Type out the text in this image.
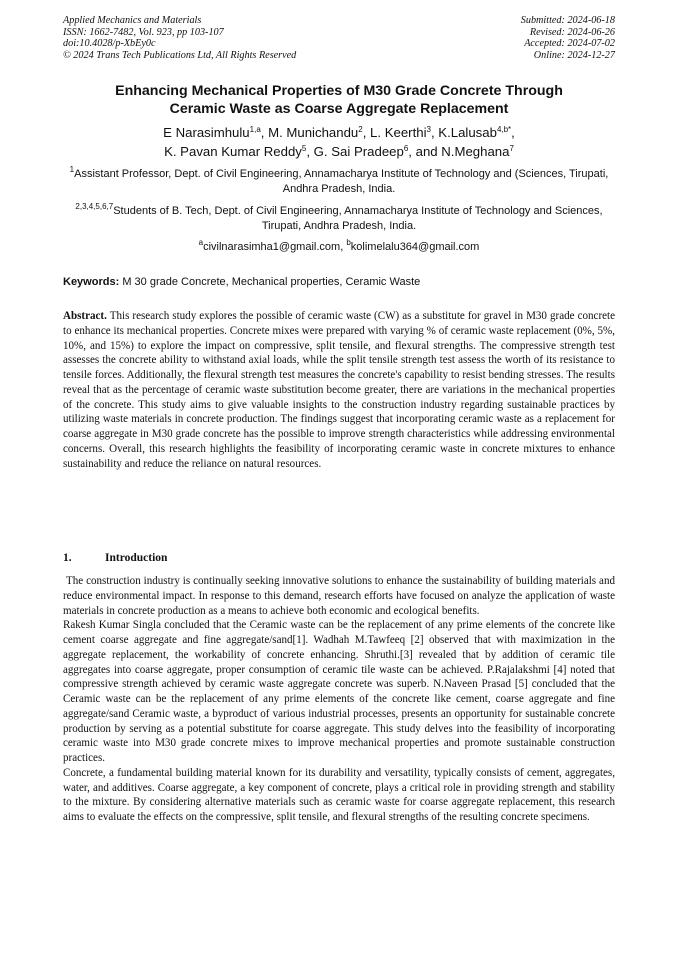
Applied Mechanics and Materials
ISSN: 1662-7482, Vol. 923, pp 103-107
doi:10.4028/p-XbEy0c
© 2024 Trans Tech Publications Ltd, All Rights Reserved
Submitted: 2024-06-18
Revised: 2024-06-26
Accepted: 2024-07-02
Online: 2024-12-27
Enhancing Mechanical Properties of M30 Grade Concrete Through
Ceramic Waste as Coarse Aggregate Replacement
E Narasimhulu$^{1,a}$, M. Munichandu$^2$, L. Keerthi$^3$, K.Lalusab$^{4,b*}$,
K. Pavan Kumar Reddy$^5$, G. Sai Pradeep$^6$, and N.Meghana$^7$
$^1$Assistant Professor, Dept. of Civil Engineering, Annamacharya Institute of Technology and (Sciences, Tirupati, Andhra Pradesh, India.
$^{2,3,4,5,6,7}$Students of B. Tech, Dept. of Civil Engineering, Annamacharya Institute of Technology and Sciences, Tirupati, Andhra Pradesh, India.
$^a$civilnarasimha1@gmail.com, $^b$kolimelalu364@gmail.com
Keywords: M 30 grade Concrete, Mechanical properties, Ceramic Waste
Abstract. This research study explores the possible of ceramic waste (CW) as a substitute for gravel in M30 grade concrete to enhance its mechanical properties. Concrete mixes were prepared with varying % of ceramic waste replacement (0%, 5%, 10%, and 15%) to explore the impact on compressive, split tensile, and flexural strengths. The compressive strength test assesses the concrete ability to withstand axial loads, while the split tensile strength test assess the worth of its resistance to tensile forces. Additionally, the flexural strength test measures the concrete's capability to resist bending stresses. The results reveal that as the percentage of ceramic waste substitution become greater, there are variations in the mechanical properties of the concrete. This study aims to give valuable insights to the construction industry regarding sustainable practices by utilizing waste materials in concrete production. The findings suggest that incorporating ceramic waste as a replacement for coarse aggregate in M30 grade concrete has the possible to improve strength characteristics while addressing environmental concerns. Overall, this research highlights the feasibility of incorporating ceramic waste in concrete mixtures to enhance sustainability and reduce the reliance on natural resources.
1.	Introduction

The construction industry is continually seeking innovative solutions to enhance the sustainability of building materials and reduce environmental impact. In response to this demand, research efforts have focused on analyze the application of waste materials in concrete production as a means to achieve both economic and ecological benefits.

Rakesh Kumar Singla concluded that the Ceramic waste can be the replacement of any prime elements of the concrete like cement coarse aggregate and fine aggregate/sand[1]. Wadhah M.Tawfeeq [2] observed that with maximization in the aggregate replacement, the workability of concrete enhancing. Shruthi.[3] revealed that by addition of ceramic tile aggregates into coarse aggregate, proper consumption of ceramic tile waste can be achieved. P.Rajalakshmi [4] noted that compressive strength achieved by ceramic waste aggregate concrete was superb. N.Naveen Prasad [5] concluded that the Ceramic waste can be the replacement of any prime elements of the concrete like cement, coarse aggregate and fine aggregate/sand Ceramic waste, a byproduct of various industrial processes, presents an opportunity for sustainable concrete production by serving as a potential substitute for coarse aggregate. This study delves into the feasibility of incorporating ceramic waste into M30 grade concrete mixes to improve mechanical properties and promote sustainable construction practices.

Concrete, a fundamental building material known for its durability and versatility, typically consists of cement, aggregates, water, and additives. Coarse aggregate, a key component of concrete, plays a critical role in providing strength and stability to the mixture. By considering alternative materials such as ceramic waste for coarse aggregate replacement, this research aims to evaluate the effects on the compressive, split tensile, and flexural strengths of the resulting concrete specimens.
